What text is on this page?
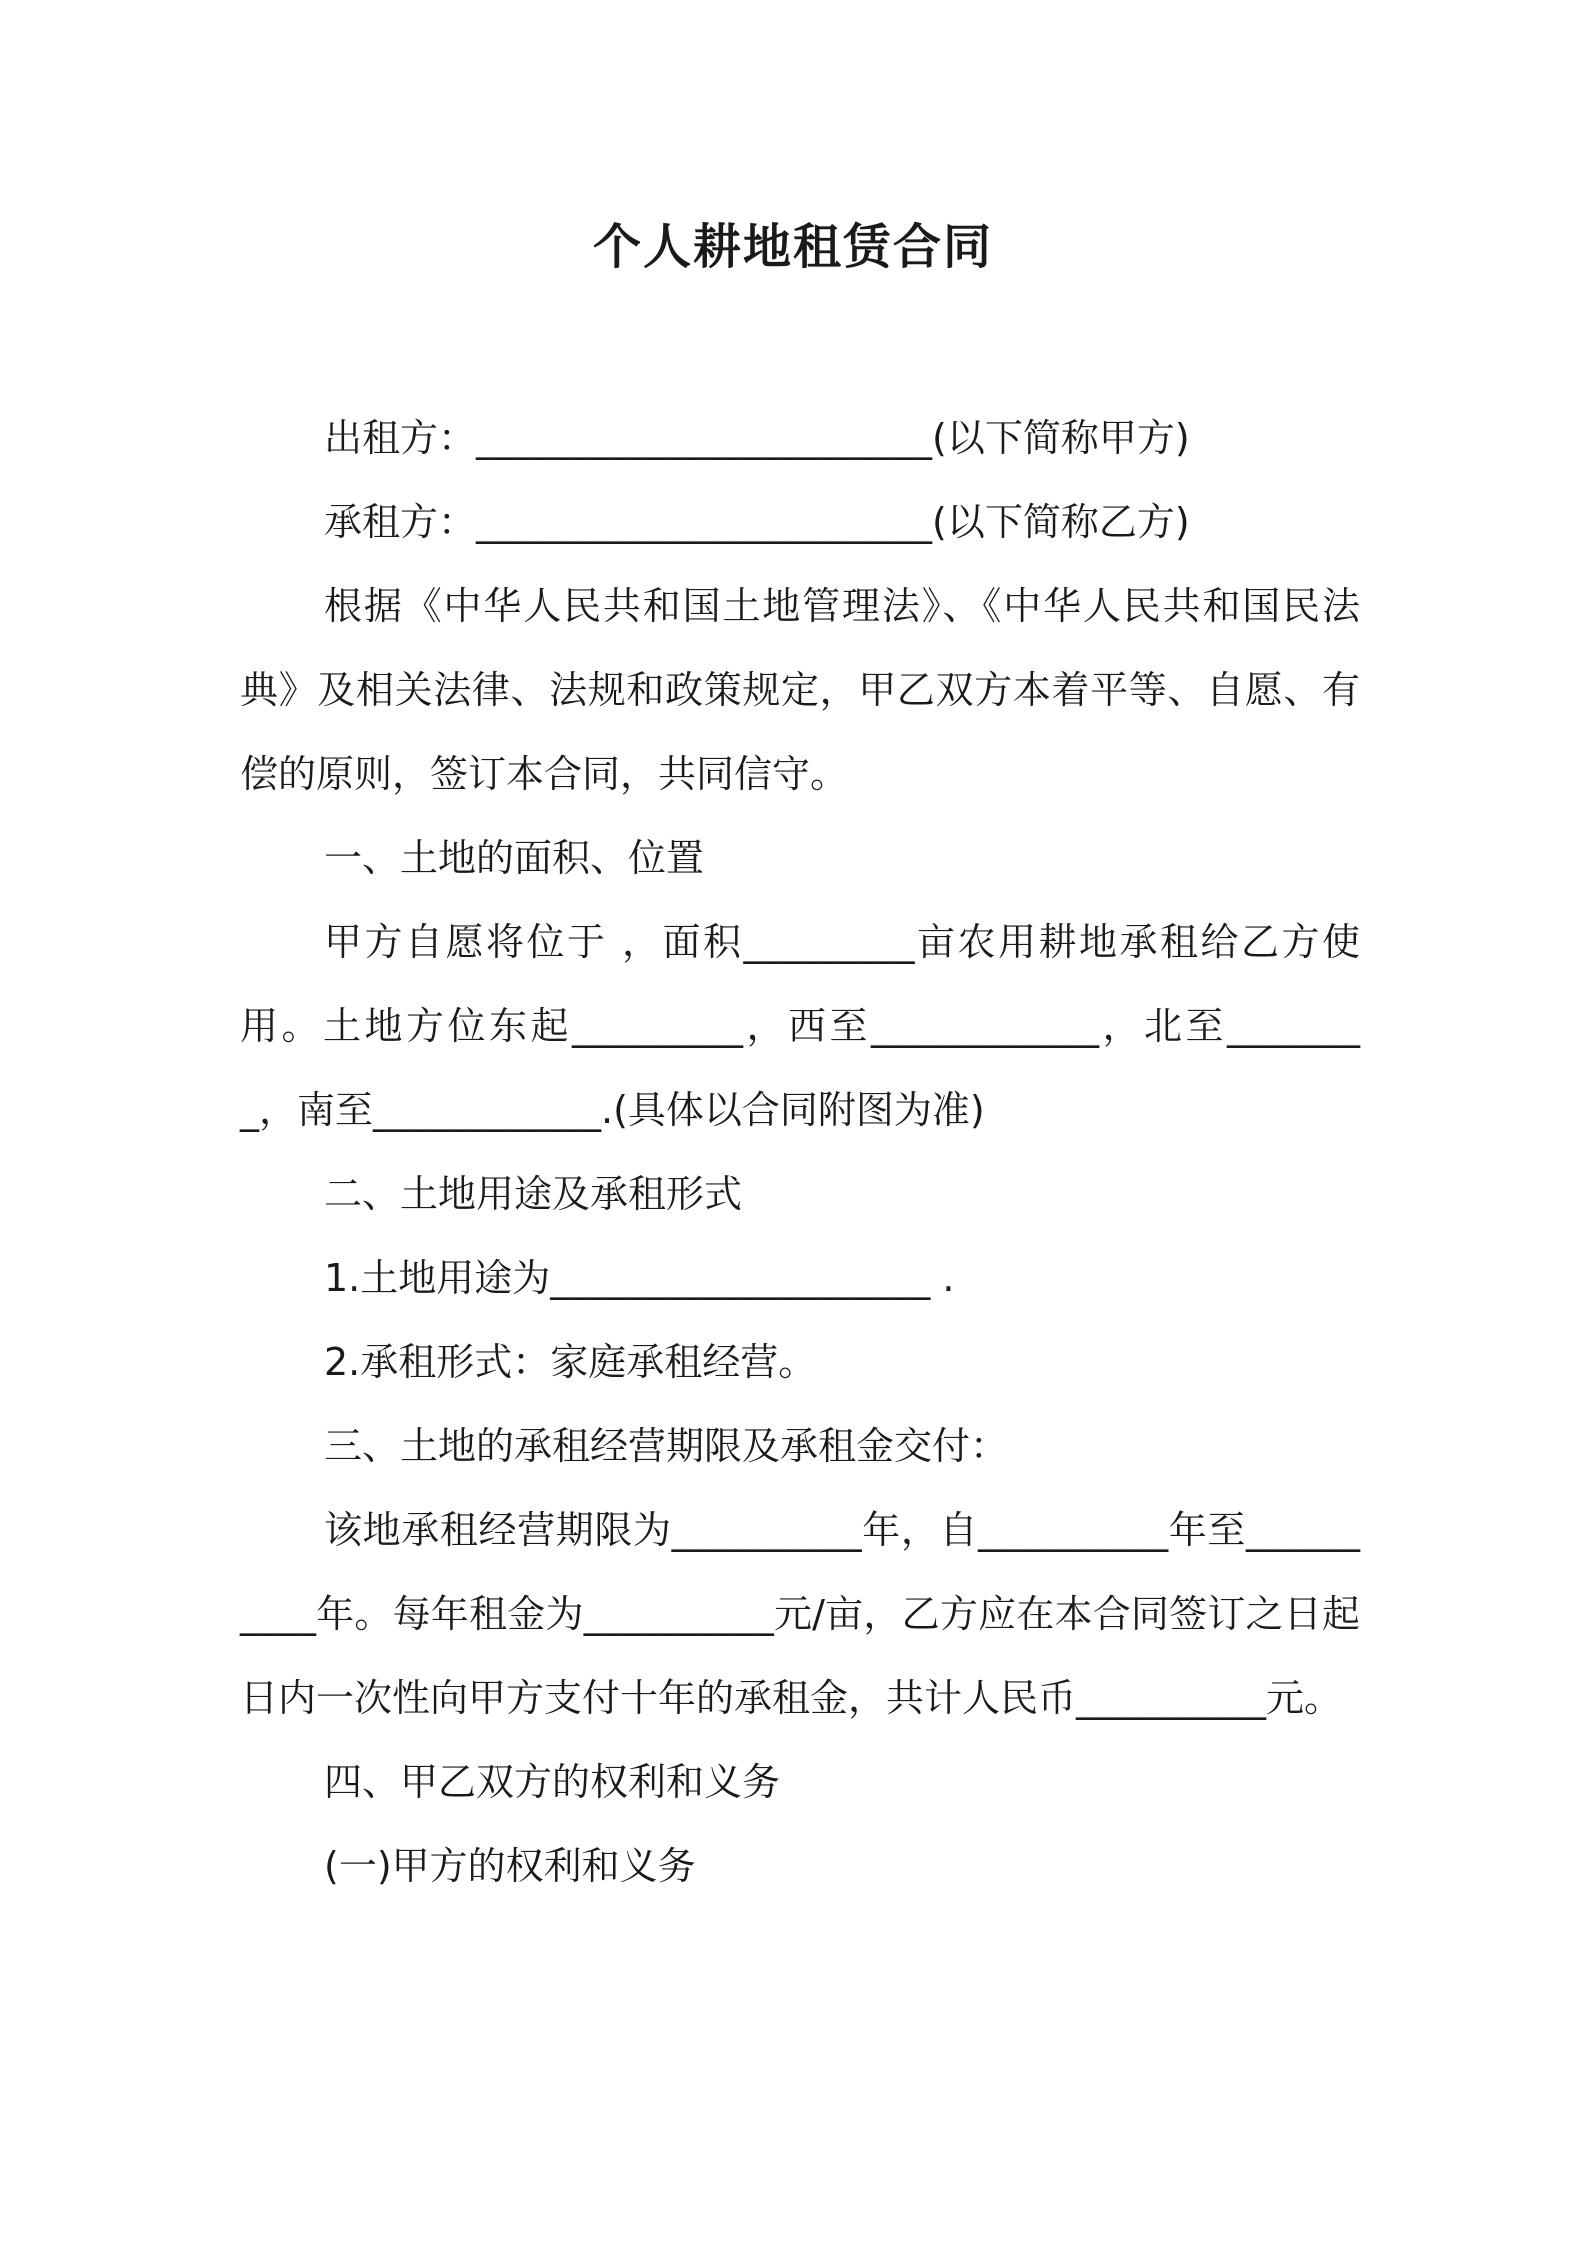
个人耕地租赁合同

出租方：________________________(以下简称甲方)

承租方：________________________(以下简称乙方)

根据《中华人民共和国土地管理法》、《中华人民共和国民法典》及相关法律、法规和政策规定，甲乙双方本着平等、自愿、有偿的原则，签订本合同，共同信守。

一、土地的面积、位置

甲方自愿将位于 ，面积_________亩农用耕地承租给乙方使用。土地方位东起_________，西至____________，北至________，南至____________.(具体以合同附图为准)

二、土地用途及承租形式

1.土地用途为____________________ .

2.承租形式：家庭承租经营。

三、土地的承租经营期限及承租金交付：

该地承租经营期限为__________年，自__________年至__________年。每年租金为__________元/亩，乙方应在本合同签订之日起 日内一次性向甲方支付十年的承租金，共计人民币__________元。

四、甲乙双方的权利和义务

(一)甲方的权利和义务
